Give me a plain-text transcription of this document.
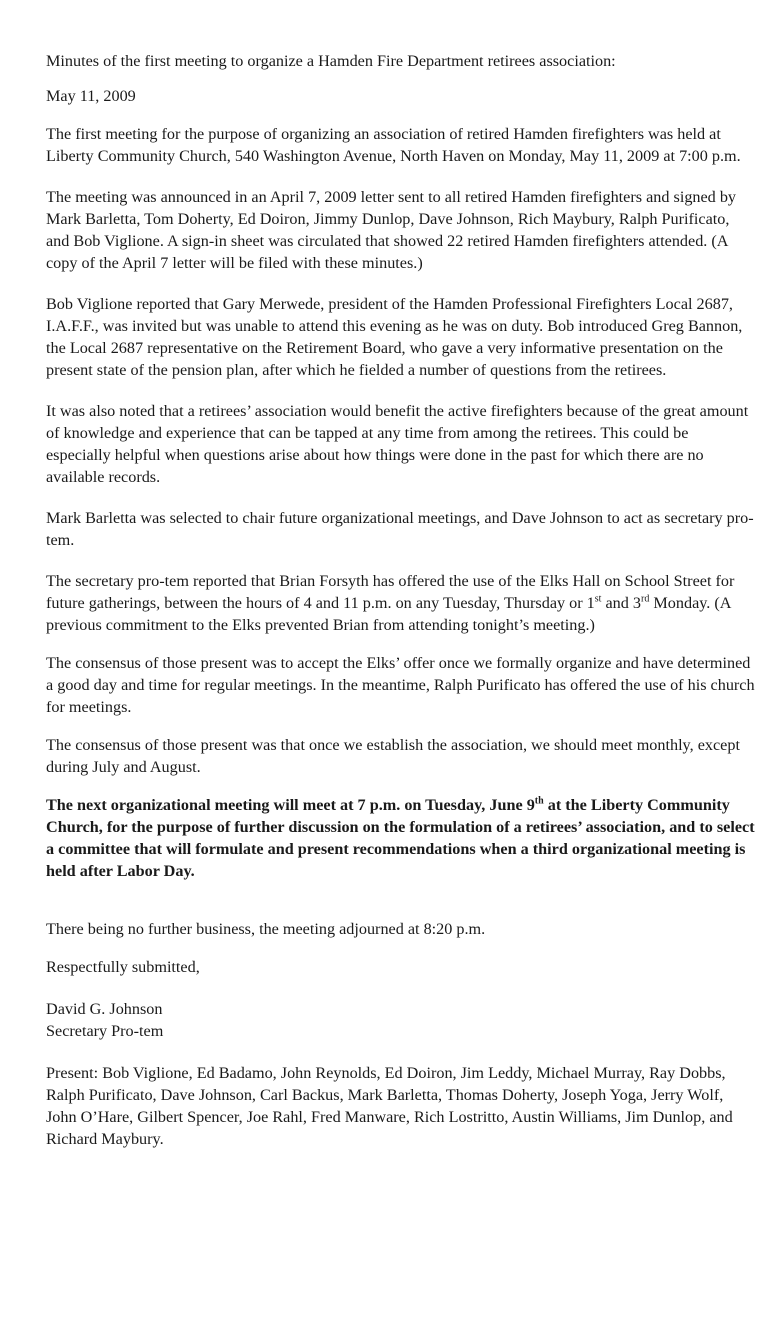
Minutes of the first meeting to organize a Hamden Fire Department retirees association:

May 11, 2009

The first meeting for the purpose of organizing an association of retired Hamden firefighters was held at Liberty Community Church, 540 Washington Avenue, North Haven on Monday, May 11, 2009 at 7:00 p.m.

The meeting was announced in an April 7, 2009 letter sent to all retired Hamden firefighters and signed by Mark Barletta, Tom Doherty, Ed Doiron, Jimmy Dunlop, Dave Johnson, Rich Maybury, Ralph Purificato, and Bob Viglione. A sign-in sheet was circulated that showed 22 retired Hamden firefighters attended. (A copy of the April 7 letter will be filed with these minutes.)

Bob Viglione reported that Gary Merwede, president of the Hamden Professional Firefighters Local 2687, I.A.F.F., was invited but was unable to attend this evening as he was on duty. Bob introduced Greg Bannon, the Local 2687 representative on the Retirement Board, who gave a very informative presentation on the present state of the pension plan, after which he fielded a number of questions from the retirees.

It was also noted that a retirees’ association would benefit the active firefighters because of the great amount of knowledge and experience that can be tapped at any time from among the retirees. This could be especially helpful when questions arise about how things were done in the past for which there are no available records.

Mark Barletta was selected to chair future organizational meetings, and Dave Johnson to act as secretary pro-tem.

The secretary pro-tem reported that Brian Forsyth has offered the use of the Elks Hall on School Street for future gatherings, between the hours of 4 and 11 p.m. on any Tuesday, Thursday or 1st and 3rd Monday. (A previous commitment to the Elks prevented Brian from attending tonight’s meeting.)

The consensus of those present was to accept the Elks’ offer once we formally organize and have determined a good day and time for regular meetings. In the meantime, Ralph Purificato has offered the use of his church for meetings.

The consensus of those present was that once we establish the association, we should meet monthly, except during July and August.

The next organizational meeting will meet at 7 p.m. on Tuesday, June 9th at the Liberty Community Church, for the purpose of further discussion on the formulation of a retirees’ association, and to select a committee that will formulate and present recommendations when a third organizational meeting is held after Labor Day.

There being no further business, the meeting adjourned at 8:20 p.m.

Respectfully submitted,

David G. Johnson
Secretary Pro-tem

Present: Bob Viglione, Ed Badamo, John Reynolds, Ed Doiron, Jim Leddy, Michael Murray, Ray Dobbs, Ralph Purificato, Dave Johnson, Carl Backus, Mark Barletta, Thomas Doherty, Joseph Yoga, Jerry Wolf, John O’Hare, Gilbert Spencer, Joe Rahl, Fred Manware, Rich Lostritto, Austin Williams, Jim Dunlop, and Richard Maybury.
